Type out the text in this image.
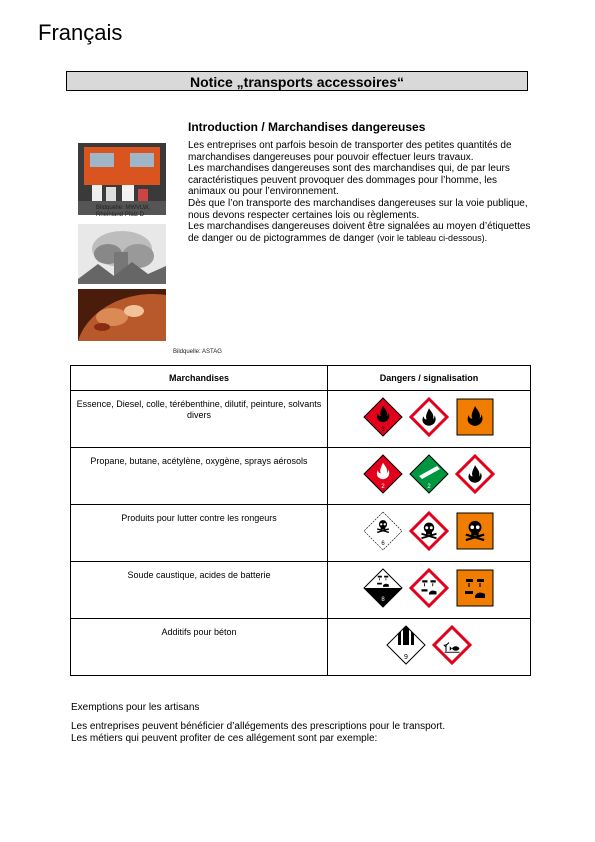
Français
Notice „transports accessoires“
Bildquelle: MWVLW, Rheinland Pfalz D
Bildquelle: ASTAG
Introduction / Marchandises dangereuses

Les entreprises ont parfois besoin de transporter des petites quantités de marchandises dangereuses pour pouvoir effectuer leurs travaux.

Les marchandises dangereuses sont des marchandises qui, de par leurs caractéristiques peuvent provoquer des dommages pour l’homme, les animaux ou pour l’environnement.

Dès que l’on transporte des marchandises dangereuses sur la voie publique, nous devons respecter certaines lois ou règlements.

Les marchandises dangereuses doivent être signalées au moyen d’étiquettes de danger ou de pictogrammes de danger (voir le tableau ci-dessous).

Marchandises	Dangers / signalisation
Essence, Diesel, colle, térébenthine, dilutif, peinture, solvants divers	3

Propane, butane, acétylène, oxygène, sprays aérosols	2 2

Produits pour lutter contre les rongeurs	6

Soude caustique, acides de batterie	8

Additifs pour béton	9
Exemptions pour les artisans

Les entreprises peuvent bénéficier d’allégements des prescriptions pour le transport.

Les métiers qui peuvent profiter de ces allégement sont par exemple:
